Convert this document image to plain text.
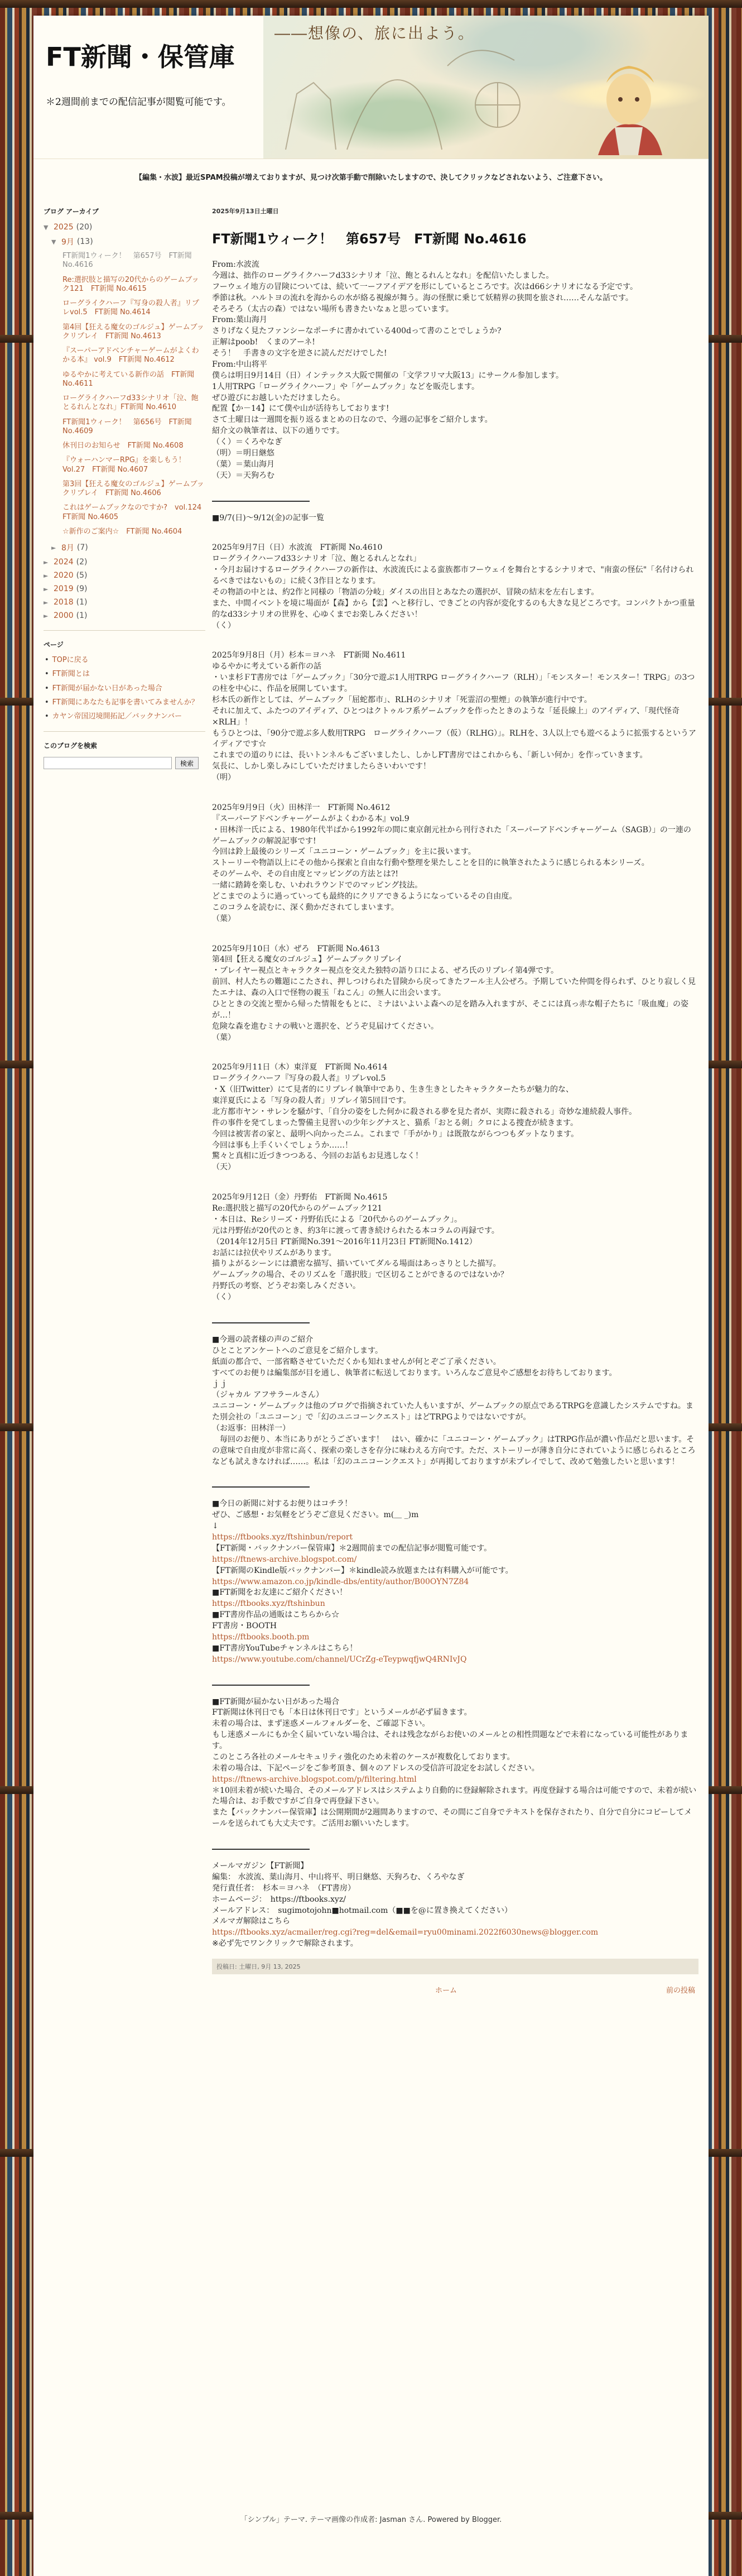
FT新聞・保管庫
＊2週間前までの配信記事が閲覧可能です。
――想像の、旅に出よう。
【編集・水波】最近SPAM投稿が増えておりますが、見つけ次第手動で削除いたしますので、決してクリックなどされないよう、ご注意下さい。
ブログ アーカイブ
▼ 2025 (20)
▼ 9月 (13)
FT新聞1ウィーク！　第657号　FT新聞 No.4616
Re:選択肢と描写の20代からのゲームブック121　FT新聞 No.4615
ローグライクハーフ『写身の殺人者』リプレvol.5　FT新聞 No.4614
第4回【狂える魔女のゴルジュ】ゲームブックリプレイ　FT新聞 No.4613
『スーパーアドベンチャーゲームがよくわかる本』 vol.9　FT新聞 No.4612
ゆるやかに考えている新作の話　FT新聞 No.4611
ローグライクハーフd33シナリオ「泣、飽とるれんとなれ」FT新聞 No.4610
FT新聞1ウィーク！　第656号　FT新聞 No.4609
休刊日のお知らせ　FT新聞 No.4608
『ウォーハンマーRPG』を楽しもう！　Vol.27　FT新聞 No.4607
第3回【狂える魔女のゴルジュ】ゲームブックリプレイ　FT新聞 No.4606
これはゲームブックなのですか?　vol.124　FT新聞 No.4605
☆新作のご案内☆　FT新聞 No.4604
► 8月 (7)
► 2024 (2)
► 2020 (5)
► 2019 (9)
► 2018 (1)
► 2000 (1)
ページ
• TOPに戻る
• FT新聞とは
• FT新聞が届かない日があった場合
• FT新聞にあなたも記事を書いてみませんか？
• カヤン帝国辺境開拓記／バックナンバー
このブログを検索
検索
2025年9月13日土曜日
FT新聞1ウィーク！　第657号　FT新聞 No.4616

From:水波流
今週は、拙作のローグライクハーフd33シナリオ「泣、飽とるれんとなれ」を配信いたしました。
フーウェイ地方の冒険については、続いて一ーフアイデアを形にしているところです。次はd66シナリオになる予定です。
季節は秋。ハルトヨの流れを海からの水が絡る視線が舞う。海の怪獣に乗じて妖精界の狭間を旅され……そんな話です。
そろそろ（太古の森）ではない場所も書きたいなぁと思っています。

From:葉山海月
さりげなく見たファンシーなポーチに書かれている400dって書のことでしょうか?
正解はpoob!　くまのアーネ!
そう！　手書きの文字を逆さに読んだだけでした!

From:中山将平
僕らは明日9月14日（日）インテックス大阪で開催の「文学フリマ大阪13」にサークル参加します。
1人用TRPG「ローグライクハーフ」や「ゲームブック」などを販売します。
ぜひ遊びにお越しいただけましたら。
配置【か－14】にて僕や山が活待ちしております!

さて土曜日は一週間を振り返るまとめの日なので、今週の記事をご紹介します。
紹介文の執筆者は、以下の通りです。
（く）＝くろやなぎ
（明）＝明日継悠
（葉）＝葉山海月
（天）＝天狗ろむ

■9/7(日)～9/12(金)の記事一覧

2025年9月7日（日）水波流　FT新聞 No.4610

ローグライクハーフd33シナリオ「泣、飽とるれんとなれ」
・今月お届けするローグライクハーフの新作は、水波流氏による蛮族都市フーウェイを舞台とするシナリオで、"南蛮の怪伝"「名付けられるべきではないもの」に続く3作目となります。
その物語の中とは、約2作と同様の「物語の分岐」ダイスの出目とあなたの選択が、冒険の結末を左右します。
また、中間イベントを境に場面が【森】から【雲】へと移行し、できごとの内容が変化するのも大きな見どころです。コンパクトかつ重量的なd33シナリオの世界を、心ゆくまでお楽しみください！
（く）

2025年9月8日（月）杉本＝ヨハネ　FT新聞 No.4611

ゆるやかに考えている新作の話
・いま杉ＦT書房では「ゲームブック」「30分で遊ぶ1人用TRPG ローグライクハーフ（RLH）」「モンスター！モンスター！TRPG」の3つの柱を中心に、作品を展開しています。
杉本氏の新作としては、ゲームブック「屈蛇都市」、RLHのシナリオ「死霊沼の聖煙」の執筆が進行中です。
それに加えて、ふたつのアイディア、ひとつはクトゥルフ系ゲームブックを作ったときのような「延長線上」のアイディア、「現代怪奇×RLH」！
もうひとつは、「90分で遊ぶ多人数用TRPG　ローグライクハーフ（仮）（RLHG）」。RLHを、3人以上でも遊べるように拡張するというアイディアです☆
これまでの道のりには、長いトンネルもございましたし、しかしFT書房ではこれからも、「新しい何か」を作っていきます。
気長に、しかし楽しみにしていただけましたらさいわいです！
（明）

2025年9月9日（火）田林洋一　FT新聞 No.4612

『スーパーアドベンチャーゲームがよくわかる本』vol.9
・田林洋一氏による、1980年代半ばから1992年の間に東京創元社から刊行された「スーパーアドベンチャーゲーム（SAGB）」の一連のゲームブックの解説記事です!
今回は鈴上最後のシリーズ「ユニコーン・ゲームブック」を主に扱います。
ストーリーや物語以上にその他から探索と自由な行動や整理を果たしことを目的に執筆されたように感じられる本シリーズ。
そのゲームや、その自由度とマッピングの方法とは?!
一緒に踏鋳を楽しむ、いわれラウンドでのマッピング技法。
どこまでのように過っていっても最終的にクリアできるようになっているその自由度。
このコラムを読むに、深く動かだされてしまいます。
（葉）

2025年9月10日（水）ぜろ　FT新聞 No.4613

第4回【狂える魔女のゴルジュ】ゲームブックリプレイ
・プレイヤー視点とキャラクター視点を交えた独特の語り口による、ぜろ氏のリプレイ第4弾です。
前回、村人たちの難題にこたされ、押しつけられた冒険から戻ってきたフール主人公ぜろ。予期していた仲間を得られず、ひとり寂しく見たエナは、森の入口で怪物の親玉「ねこん」の無人に出会います。
ひとときの交流と聖から帰った情報をもとに、ミナはいよいよ森への足を踏み入れますが、そこには真っ赤な帽子たちに「吸血魔」の姿が…！
危険な森を進むミナの戦いと選択を、どうぞ見届けてください。
（葉）

2025年9月11日（木）東洋夏　FT新聞 No.4614

ローグライクハーフ『写身の殺人者』リプレvol.5
・X（旧Twitter）にて見者的にリプレイ執筆中であり、生き生きとしたキャラクターたちが魅力的な、
東洋夏氏による「写身の殺人者」リプレイ第5回目です。
北方都市ヤン・サレンを騒がす、「自分の姿をした何かに殺される夢を見た者が、実際に殺される」奇妙な連続殺人事件。
件の事件を発てしまった警備主見習いの少年シグナスと、猫系「おとる剣」クロによる捜査が続きます。
今回は被害者の家と、最明へ向かったニム。これまで「手がかり」は既散ながらつつもダットなります。
今回は事も上手くいくでしょうか……！
驚々と真相に近づきつつある、今回のお話もお見逃しなく！
（天）

2025年9月12日（金）丹野佑　FT新聞 No.4615

Re:選択肢と描写の20代からのゲームブック121
・本日は、Reシリーズ・丹野佑氏による「20代からのゲームブック」。
元は丹野佑が20代のとき、約3年に渡って書き続けられたる本コラムの再録です。
（2014年12月5日 FT新聞No.391～2016年11月23日 FT新聞No.1412）
お話には拉伏やリズムがあります。
描りよがるシーンには濃密な描写、描いていてダルる場面はあっさりとした描写。
ゲームブックの場合、そのリズムを「選択肢」で区切ることができるのではないか？
丹野氏の考察、どうぞお楽しみください。
（く）

■今週の読者様の声のご紹介

ひとことアンケートへのご意見をご紹介します。
紙面の都合で、一部省略させていただくかも知れませんが何とぞご了承ください。
すべてのお便りは編集部が目を通し、執筆者に転送しております。いろんなご意見やご感想をお待ちしております。

ｊｊ

（ジャカル アフサラールさん）
ユニコーン・ゲームブックは他のブログで指摘されていた人もいますが、ゲームブックの原点であるTRPGを意識したシステムですね。また別会社の「ユニコーン」で「幻のユニコーンクエスト」はどTRPGよりではないですが。

（お返事：田林洋一）
　毎回のお便り、本当にありがとうございます！　はい、確かに「ユニコーン・ゲームブック」はTRPG作品が濃い作品だと思います。その意味で自由度が非常に高く、探索の楽しさを存分に味わえる方向です。ただ、ストーリーが薄き自分にされていように感じられるところなども試えきなければ……。私は「幻のユニコーンクエスト」が再掲しておりますが未プレイでして、改めて勉強したいと思います！

■今日の新聞に対するお便りはコチラ！
ぜひ、ご感想・お気軽をどうぞご意見ください。m(＿ _)m
↓
https://ftbooks.xyz/ftshinbun/report

【FT新聞・バックナンバー保管庫】＊2週間前までの配信記事が閲覧可能です。
https://ftnews-archive.blogspot.com/

【FT新聞のKindle版バックナンバー】＊kindle読み放題または有料購入が可能です。
https://www.amazon.co.jp/kindle-dbs/entity/author/B00OYN7Z84

■FT新聞をお友達にご紹介ください！
https://ftbooks.xyz/ftshinbun

■FT書房作品の通販はこちらから☆
FT書房・BOOTH
https://ftbooks.booth.pm

■FT書房YouTubeチャンネルはこちら！
https://www.youtube.com/channel/UCrZg-eTeypwqfjwQ4RNIvJQ

■FT新聞が届かない日があった場合

FT新聞は休刊日でも「本日は休刊日です」というメールが必ず届きます。
未着の場合は、まず迷惑メールフォルダーを、ご確認下さい。
もし迷惑メールにもか全く届いていない場合は、それは残念ながらお使いのメールとの相性問題などで未着になっている可能性があります。
このところ各社のメールセキュリティ強化のため未着のケースが複数化しております。
未着の場合は、下記ページをご参考頂き、個々のアドレスの受信許可設定をお試しください。
https://ftnews-archive.blogspot.com/p/filtering.html

＊10回未着が続いた場合、そのメールアドレスはシステムより自動的に登録解除されます。再度登録する場合は可能ですので、未着が続いた場合は、お手数ですがご自身で再登録下さい。

また【バックナンバー保管庫】は公開期間が2週間ありますので、その間にご自身でテキストを保存されたり、自分で自分にコピーしてメールを送られても大丈夫です。ご活用お願いいたします。

メールマガジン【FT新聞】
編集： 水波流、葉山海月、中山将平、明日継悠、天狗ろむ、くろやなぎ
発行責任者：　杉本＝ヨハネ　（FT書房）
ホームページ：　https://ftbooks.xyz/
メールアドレス：　sugimotojohn■hotmail.com（■■を@に置き換えてください）

メルマガ解除はこちら
https://ftbooks.xyz/acmailer/reg.cgi?reg=del&email=ryu00minami.2022f6030news@blogger.com
※必ず先でワンクリックで解除されます。

投稿日: 土曜日, 9月 13, 2025
ホーム	前の投稿
「シンプル」テーマ. テーマ画像の作成者: Jasman さん. Powered by Blogger.
